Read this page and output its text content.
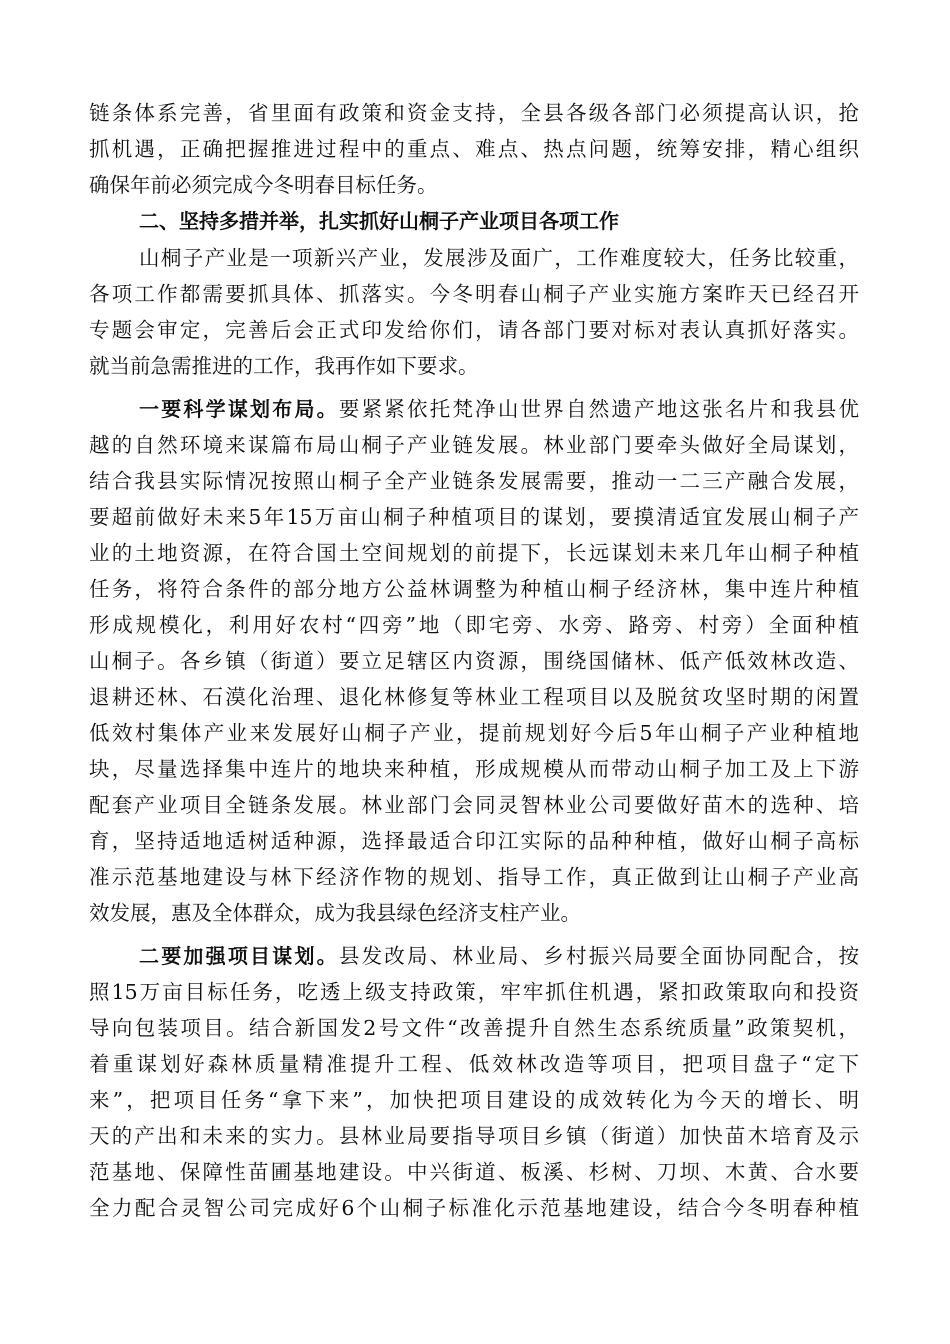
链条体系完善，省里面有政策和资金支持，全县各级各部门必须提高认识，抢
抓机遇，正确把握推进过程中的重点、难点、热点问题，统筹安排，精心组织
确保年前必须完成今冬明春目标任务。
二、坚持多措并举，扎实抓好山桐子产业项目各项工作
山桐子产业是一项新兴产业，发展涉及面广，工作难度较大，任务比较重，
各项工作都需要抓具体、抓落实。今冬明春山桐子产业实施方案昨天已经召开
专题会审定，完善后会正式印发给你们，请各部门要对标对表认真抓好落实。
就当前急需推进的工作，我再作如下要求。
一要科学谋划布局。要紧紧依托梵净山世界自然遗产地这张名片和我县优
越的自然环境来谋篇布局山桐子产业链发展。林业部门要牵头做好全局谋划，
结合我县实际情况按照山桐子全产业链条发展需要，推动一二三产融合发展，
要超前做好未来5年15万亩山桐子种植项目的谋划，要摸清适宜发展山桐子产
业的土地资源，在符合国土空间规划的前提下，长远谋划未来几年山桐子种植
任务，将符合条件的部分地方公益林调整为种植山桐子经济林，集中连片种植
形成规模化，利用好农村“四旁”地（即宅旁、水旁、路旁、村旁）全面种植
山桐子。各乡镇（街道）要立足辖区内资源，围绕国储林、低产低效林改造、
退耕还林、石漠化治理、退化林修复等林业工程项目以及脱贫攻坚时期的闲置
低效村集体产业来发展好山桐子产业，提前规划好今后5年山桐子产业种植地
块，尽量选择集中连片的地块来种植，形成规模从而带动山桐子加工及上下游
配套产业项目全链条发展。林业部门会同灵智林业公司要做好苗木的选种、培
育，坚持适地适树适种源，选择最适合印江实际的品种种植，做好山桐子高标
准示范基地建设与林下经济作物的规划、指导工作，真正做到让山桐子产业高
效发展，惠及全体群众，成为我县绿色经济支柱产业。
二要加强项目谋划。县发改局、林业局、乡村振兴局要全面协同配合，按
照15万亩目标任务，吃透上级支持政策，牢牢抓住机遇，紧扣政策取向和投资
导向包装项目。结合新国发2号文件“改善提升自然生态系统质量”政策契机，
着重谋划好森林质量精准提升工程、低效林改造等项目，把项目盘子“定下
来”，把项目任务“拿下来”，加快把项目建设的成效转化为今天的增长、明
天的产出和未来的实力。县林业局要指导项目乡镇（街道）加快苗木培育及示
范基地、保障性苗圃基地建设。中兴街道、板溪、杉树、刀坝、木黄、合水要
全力配合灵智公司完成好6个山桐子标准化示范基地建设，结合今冬明春种植
